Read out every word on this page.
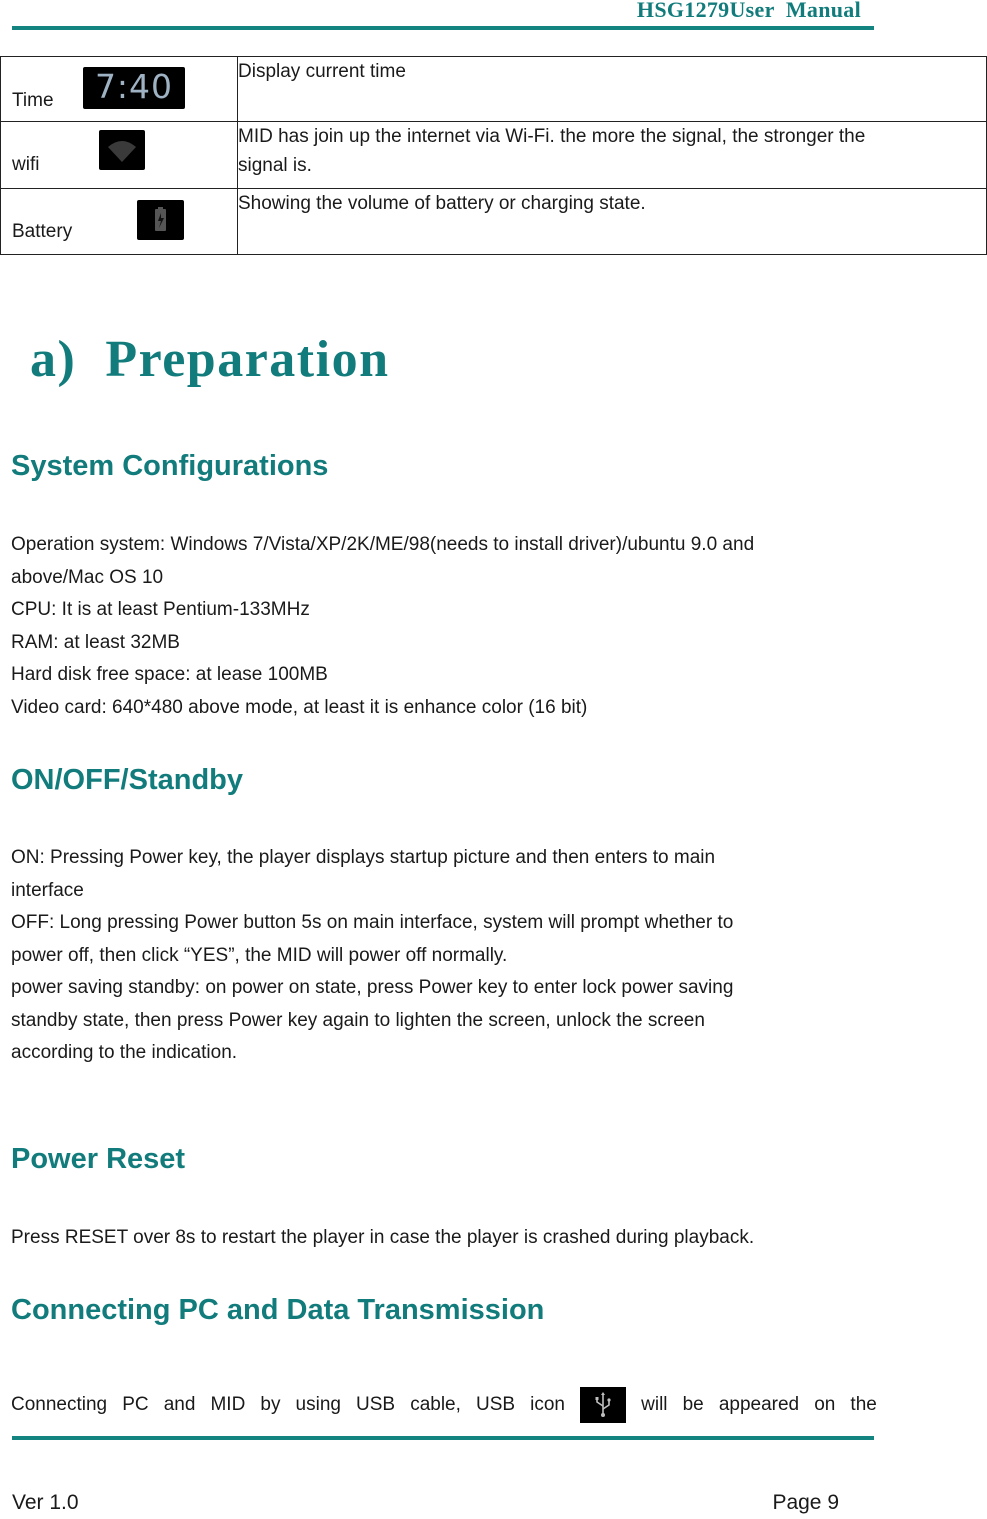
HSG1279User  Manual
Time 7:40	Display current time

wifi	MID has join up the internet via Wi-Fi. the more the signal, the stronger the
signal is.

Battery	Showing the volume of battery or charging state.
a)  Preparation
System Configurations
Operation system: Windows 7/Vista/XP/2K/ME/98(needs to install driver)/ubuntu 9.0 and
above/Mac OS 10
CPU: It is at least Pentium-133MHz
RAM: at least 32MB
Hard disk free space: at lease 100MB
Video card: 640*480 above mode, at least it is enhance color (16 bit)
ON/OFF/Standby
ON: Pressing Power key, the player displays startup picture and then enters to main
interface
OFF: Long pressing Power button 5s on main interface, system will prompt whether to
power off, then click “YES”, the MID will power off normally.
power saving standby: on power on state, press Power key to enter lock power saving
standby state, then press Power key again to lighten the screen, unlock the screen
according to the indication.
Power Reset
Press RESET over 8s to restart the player in case the player is crashed during playback.
Connecting PC and Data Transmission
Connecting PC and MID by using USB cable, USB icon	will be appeared on the
Ver 1.0	Page 9
